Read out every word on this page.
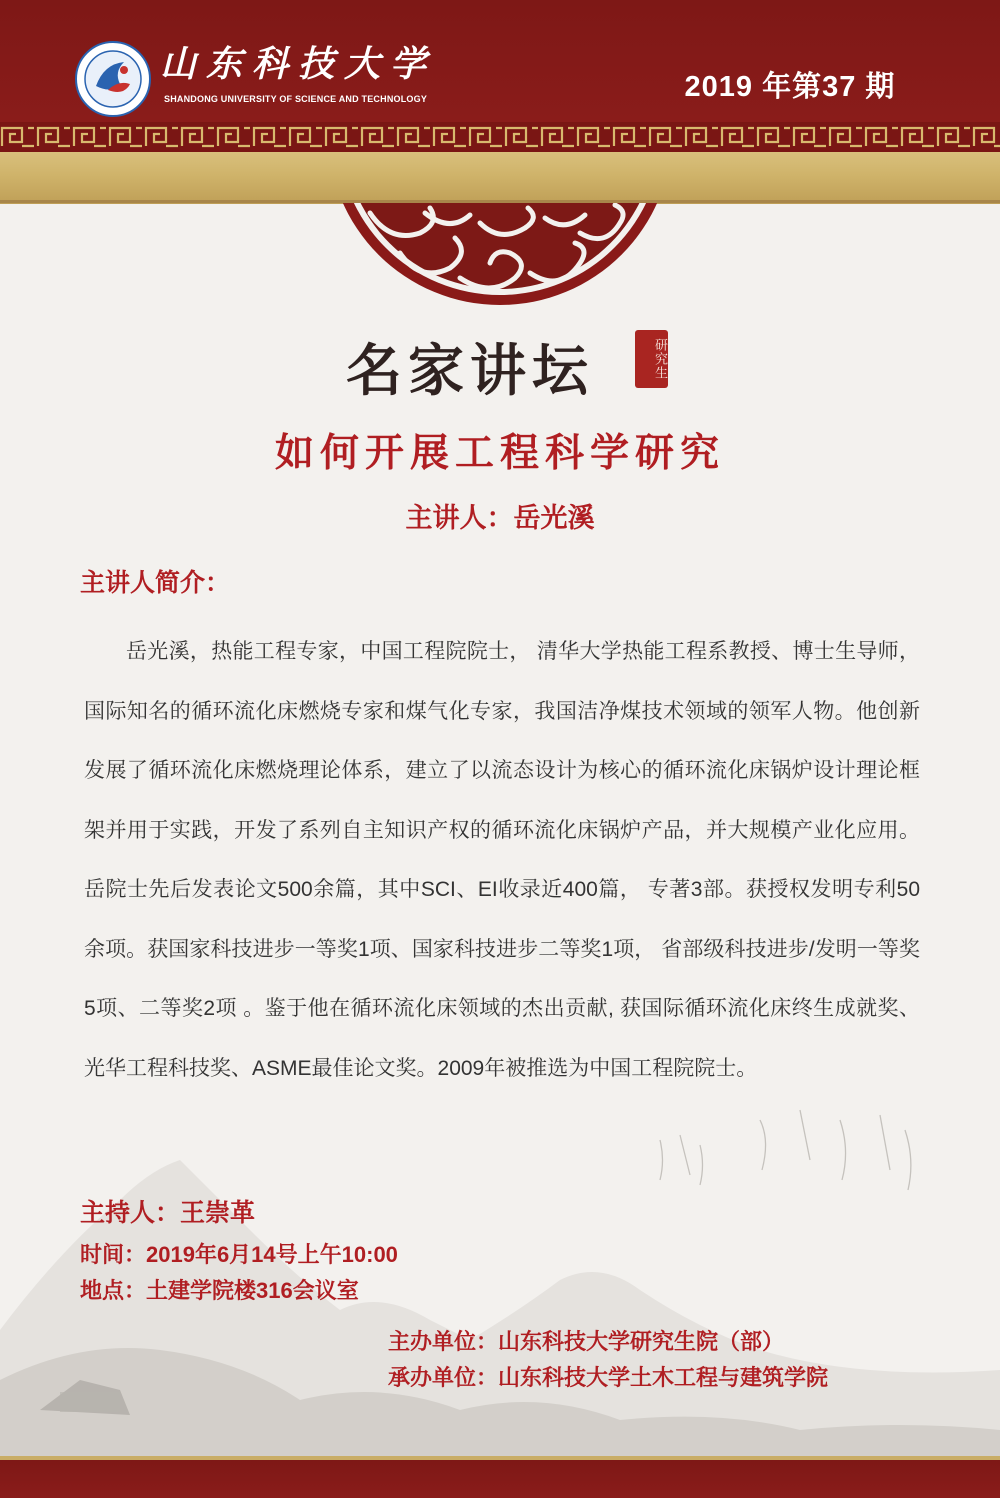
山东科技大学
SHANDONG UNIVERSITY OF SCIENCE AND TECHNOLOGY	2019 年第37 期
名家讲坛	研究生
如何开展工程科学研究
主讲人：岳光溪
主讲人简介：

岳光溪，热能工程专家，中国工程院院士， 清华大学热能工程系教授、博士生导师，国际知名的循环流化床燃烧专家和煤气化专家，我国洁净煤技术领域的领军人物。他创新发展了循环流化床燃烧理论体系，建立了以流态设计为核心的循环流化床锅炉设计理论框架并用于实践，开发了系列自主知识产权的循环流化床锅炉产品，并大规模产业化应用。岳院士先后发表论文500余篇，其中SCI、EI收录近400篇， 专著3部。获授权发明专利50余项。获国家科技进步一等奖1项、国家科技进步二等奖1项， 省部级科技进步/发明一等奖5项、二等奖2项 。鉴于他在循环流化床领域的杰出贡献, 获国际循环流化床终生成就奖、光华工程科技奖、ASME最佳论文奖。2009年被推选为中国工程院院士。

主持人：王崇革
时间：2019年6月14号上午10:00
地点：土建学院楼316会议室
主办单位：山东科技大学研究生院（部）
承办单位：山东科技大学土木工程与建筑学院
